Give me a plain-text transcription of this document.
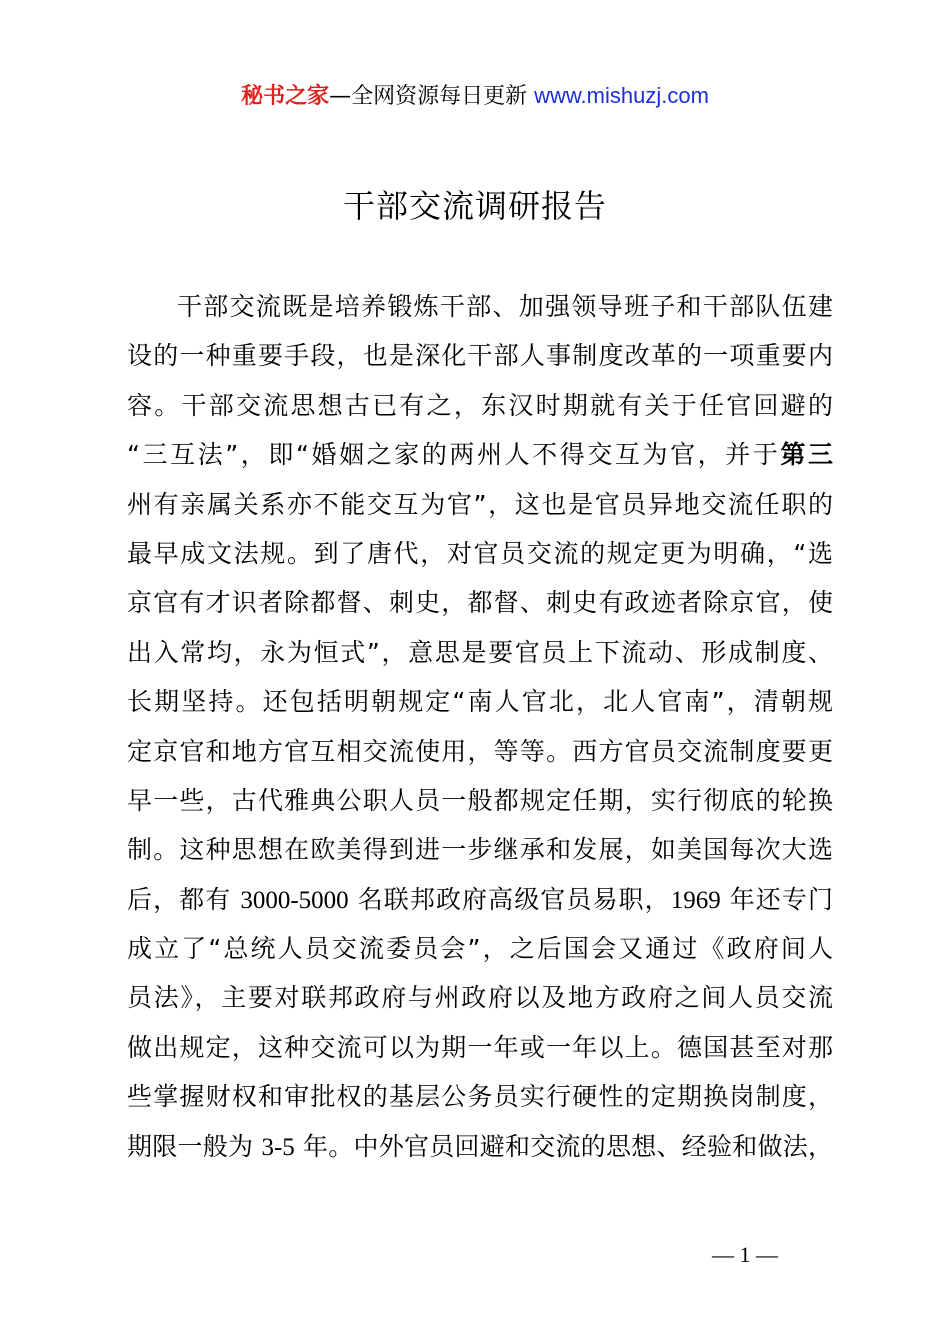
秘书之家—全网资源每日更新 www.mishuzj.com
干部交流调研报告
干部交流既是培养锻炼干部、加强领导班子和干部队伍建
设的一种重要手段，也是深化干部人事制度改革的一项重要内
容。干部交流思想古已有之，东汉时期就有关于任官回避的
“三互法”，即“婚姻之家的两州人不得交互为官，并于第三
州有亲属关系亦不能交互为官”，这也是官员异地交流任职的
最早成文法规。到了唐代，对官员交流的规定更为明确，“选
京官有才识者除都督、刺史，都督、刺史有政迹者除京官，使
出入常均，永为恒式”，意思是要官员上下流动、形成制度、
长期坚持。还包括明朝规定“南人官北，北人官南”，清朝规
定京官和地方官互相交流使用，等等。西方官员交流制度要更
早一些，古代雅典公职人员一般都规定任期，实行彻底的轮换
制。这种思想在欧美得到进一步继承和发展，如美国每次大选
后，都有 3000-5000 名联邦政府高级官员易职，1969 年还专门
成立了“总统人员交流委员会”，之后国会又通过《政府间人
员法》，主要对联邦政府与州政府以及地方政府之间人员交流
做出规定，这种交流可以为期一年或一年以上。德国甚至对那
些掌握财权和审批权的基层公务员实行硬性的定期换岗制度，
期限一般为 3-5 年。中外官员回避和交流的思想、经验和做法，
— 1 —
